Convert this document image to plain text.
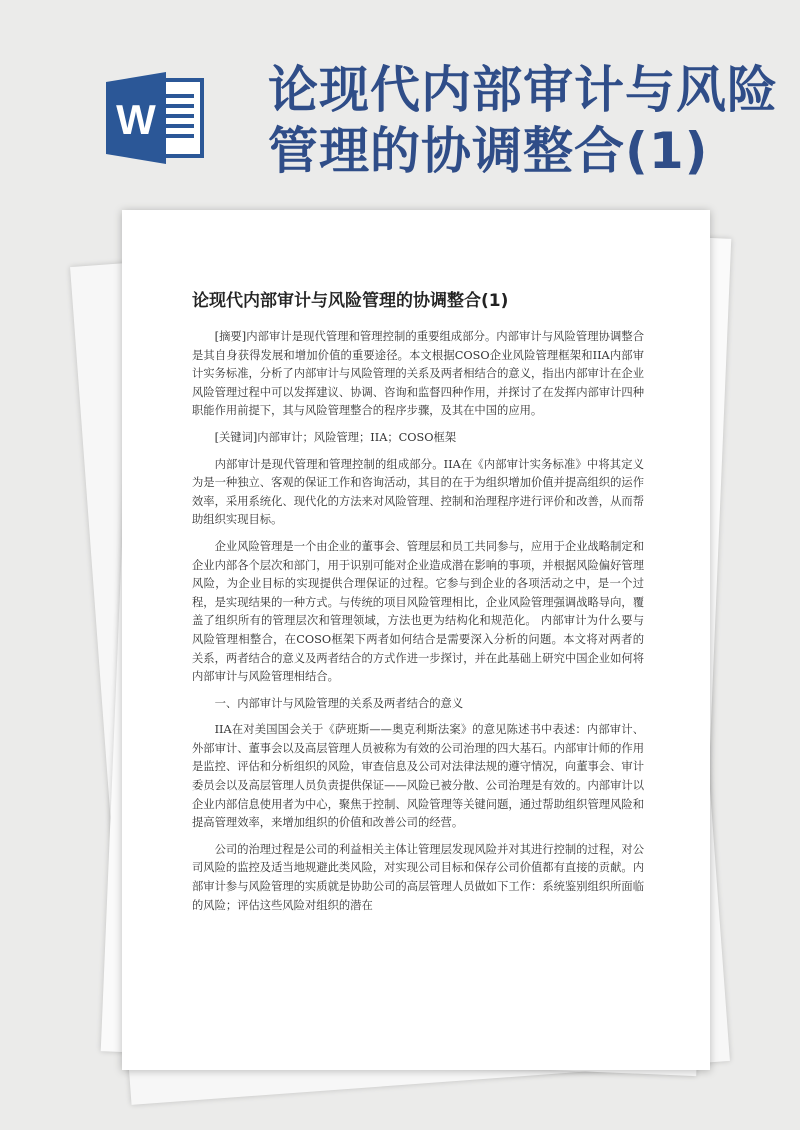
W
论现代内部审计与风险
管理的协调整合(1)
论现代内部审计与风险管理的协调整合(1)

[摘要]内部审计是现代管理和管理控制的重要组成部分。内部审计与风险管理协调整合是其自身获得发展和增加价值的重要途径。本文根据COSO企业风险管理框架和IIA内部审计实务标准，分析了内部审计与风险管理的关系及两者相结合的意义，指出内部审计在企业风险管理过程中可以发挥建议、协调、咨询和监督四种作用，并探讨了在发挥内部审计四种职能作用前提下，其与风险管理整合的程序步骤，及其在中国的应用。

[关键词]内部审计；风险管理；IIA；COSO框架

内部审计是现代管理和管理控制的组成部分。IIA在《内部审计实务标准》中将其定义为是一种独立、客观的保证工作和咨询活动，其目的在于为组织增加价值并提高组织的运作效率，采用系统化、现代化的方法来对风险管理、控制和治理程序进行评价和改善，从而帮助组织实现目标。

企业风险管理是一个由企业的董事会、管理层和员工共同参与，应用于企业战略制定和企业内部各个层次和部门，用于识别可能对企业造成潜在影响的事项，并根据风险偏好管理风险，为企业目标的实现提供合理保证的过程。它参与到企业的各项活动之中，是一个过程，是实现结果的一种方式。与传统的项目风险管理相比，企业风险管理强调战略导向，覆盖了组织所有的管理层次和管理领域，方法也更为结构化和规范化。 内部审计为什么要与风险管理相整合，在COSO框架下两者如何结合是需要深入分析的问题。本文将对两者的关系，两者结合的意义及两者结合的方式作进一步探讨，并在此基础上研究中国企业如何将内部审计与风险管理相结合。

一、内部审计与风险管理的关系及两者结合的意义

IIA在对美国国会关于《萨班斯——奥克利斯法案》的意见陈述书中表述：内部审计、外部审计、董事会以及高层管理人员被称为有效的公司治理的四大基石。内部审计师的作用是监控、评估和分析组织的风险，审查信息及公司对法律法规的遵守情况，向董事会、审计委员会以及高层管理人员负责提供保证——风险已被分散、公司治理是有效的。内部审计以企业内部信息使用者为中心，聚焦于控制、风险管理等关键问题，通过帮助组织管理风险和提高管理效率，来增加组织的价值和改善公司的经营。

公司的治理过程是公司的利益相关主体让管理层发现风险并对其进行控制的过程，对公司风险的监控及适当地规避此类风险，对实现公司目标和保存公司价值都有直接的贡献。内部审计参与风险管理的实质就是协助公司的高层管理人员做如下工作：系统鉴别组织所面临的风险；评估这些风险对组织的潜在
